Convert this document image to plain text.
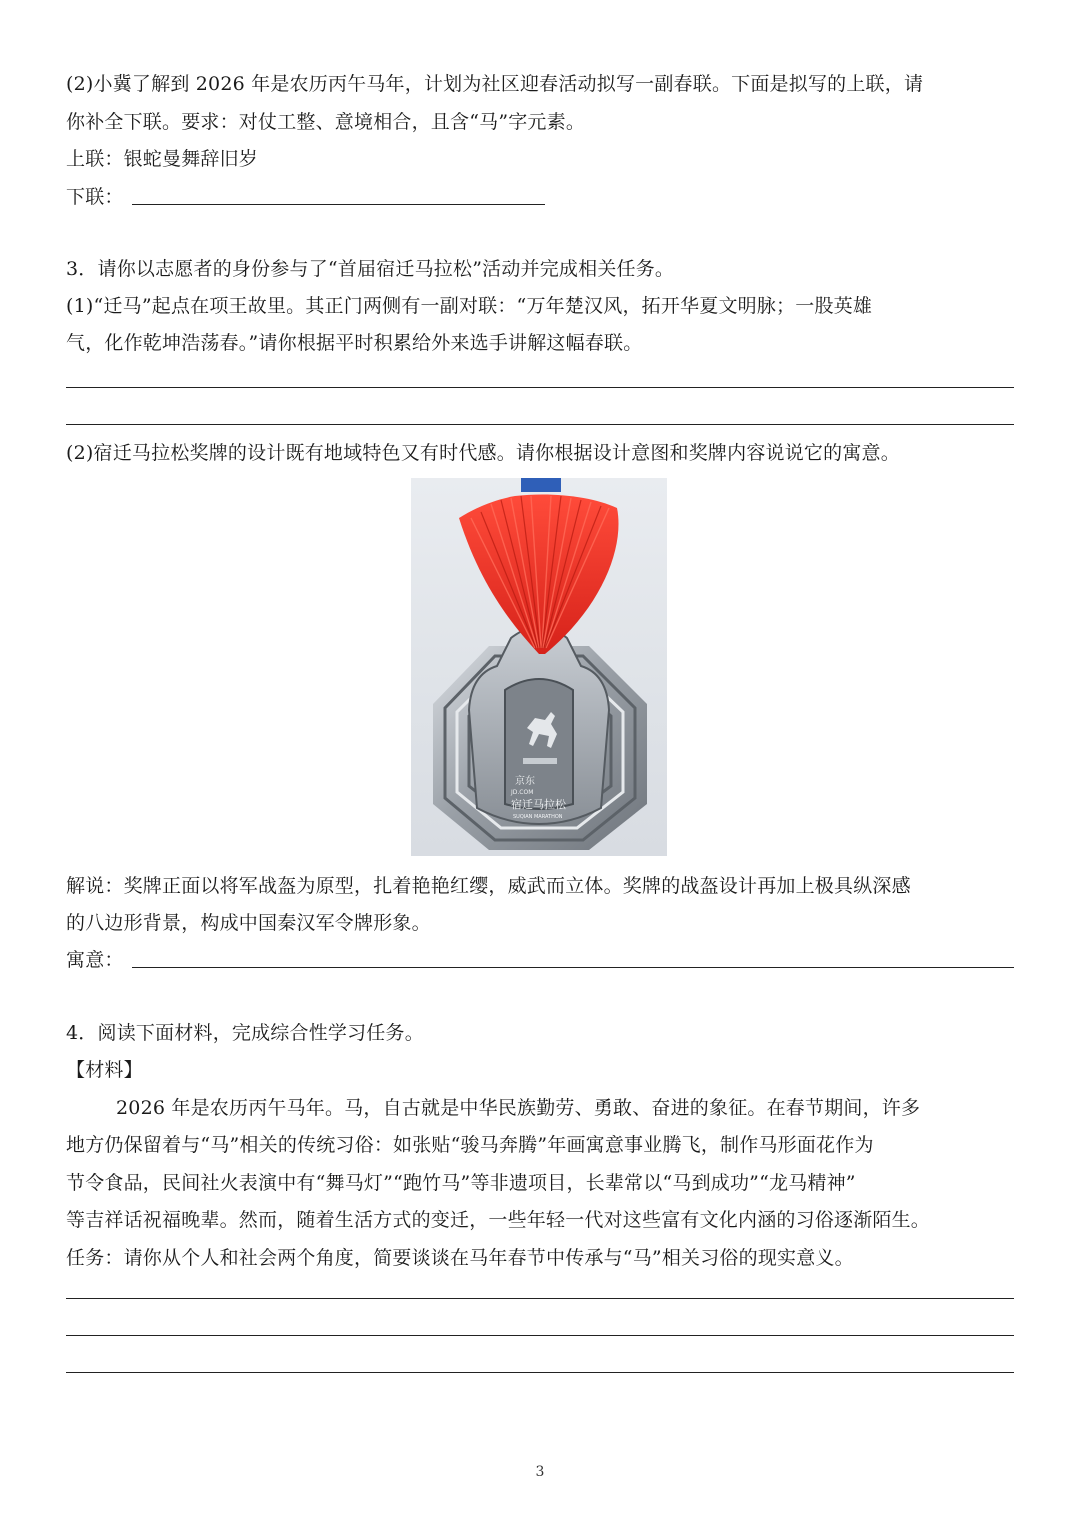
(2)小冀了解到 2026 年是农历丙午马年，计划为社区迎春活动拟写一副春联。下面是拟写的上联，请
你补全下联。要求：对仗工整、意境相合，且含“马”字元素。
上联：银蛇曼舞辞旧岁
下联：
3．请你以志愿者的身份参与了“首届宿迁马拉松”活动并完成相关任务。
(1)“迁马”起点在项王故里。其正门两侧有一副对联：“万年楚汉风，拓开华夏文明脉；一股英雄
气，化作乾坤浩荡春。”请你根据平时积累给外来选手讲解这幅春联。
(2)宿迁马拉松奖牌的设计既有地域特色又有时代感。请你根据设计意图和奖牌内容说说它的寓意。
京东
JD.COM
宿迁马拉松
SUQIAN MARATHON
解说：奖牌正面以将军战盔为原型，扎着艳艳红缨，威武而立体。奖牌的战盔设计再加上极具纵深感
的八边形背景，构成中国秦汉军令牌形象。
寓意：
4．阅读下面材料，完成综合性学习任务。
【材料】
2026 年是农历丙午马年。马，自古就是中华民族勤劳、勇敢、奋进的象征。在春节期间，许多
地方仍保留着与“马”相关的传统习俗：如张贴“骏马奔腾”年画寓意事业腾飞，制作马形面花作为
节令食品，民间社火表演中有“舞马灯”“跑竹马”等非遗项目，长辈常以“马到成功”“龙马精神”
等吉祥话祝福晚辈。然而，随着生活方式的变迁，一些年轻一代对这些富有文化内涵的习俗逐渐陌生。
任务：请你从个人和社会两个角度，简要谈谈在马年春节中传承与“马”相关习俗的现实意义。
3
